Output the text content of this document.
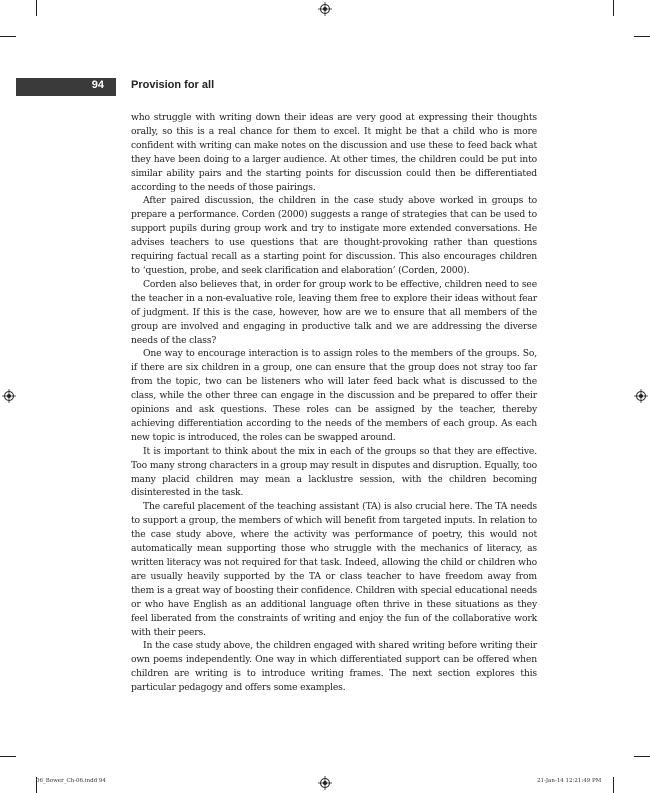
94 Provision for all

who struggle with writing down their ideas are very good at expressing their thoughts orally, so this is a real chance for them to excel. It might be that a child who is more confident with writing can make notes on the discussion and use these to feed back what they have been doing to a larger audience. At other times, the children could be put into similar ability pairs and the starting points for discussion could then be differentiated according to the needs of those pairings.

After paired discussion, the children in the case study above worked in groups to prepare a performance. Corden (2000) suggests a range of strategies that can be used to support pupils during group work and try to instigate more extended conversations. He advises teachers to use questions that are thought-provoking rather than questions requiring factual recall as a starting point for discussion. This also encourages children to ‘question, probe, and seek clarification and elaboration’ (Corden, 2000).

Corden also believes that, in order for group work to be effective, children need to see the teacher in a non-evaluative role, leaving them free to explore their ideas without fear of judgment. If this is the case, however, how are we to ensure that all members of the group are involved and engaging in productive talk and we are addressing the diverse needs of the class?

One way to encourage interaction is to assign roles to the members of the groups. So, if there are six children in a group, one can ensure that the group does not stray too far from the topic, two can be listeners who will later feed back what is discussed to the class, while the other three can engage in the discussion and be prepared to offer their opinions and ask questions. These roles can be assigned by the teacher, thereby achieving differentiation according to the needs of the members of each group. As each new topic is introduced, the roles can be swapped around.

It is important to think about the mix in each of the groups so that they are effective. Too many strong characters in a group may result in disputes and disruption. Equally, too many placid children may mean a lacklustre session, with the children becoming disinterested in the task.

The careful placement of the teaching assistant (TA) is also crucial here. The TA needs to support a group, the members of which will benefit from targeted inputs. In relation to the case study above, where the activity was performance of poetry, this would not automatically mean supporting those who struggle with the mechanics of literacy, as written literacy was not required for that task. Indeed, allowing the child or children who are usually heavily supported by the TA or class teacher to have freedom away from them is a great way of boosting their confidence. Children with special educational needs or who have English as an additional language often thrive in these situations as they feel liberated from the constraints of writing and enjoy the fun of the collaborative work with their peers.

In the case study above, the children engaged with shared writing before writing their own poems independently. One way in which differentiated support can be offered when children are writing is to introduce writing frames. The next section explores this particular pedagogy and offers some examples.

06_Bower_Ch-06.indd 94	21-Jan-14 12:21:49 PM
